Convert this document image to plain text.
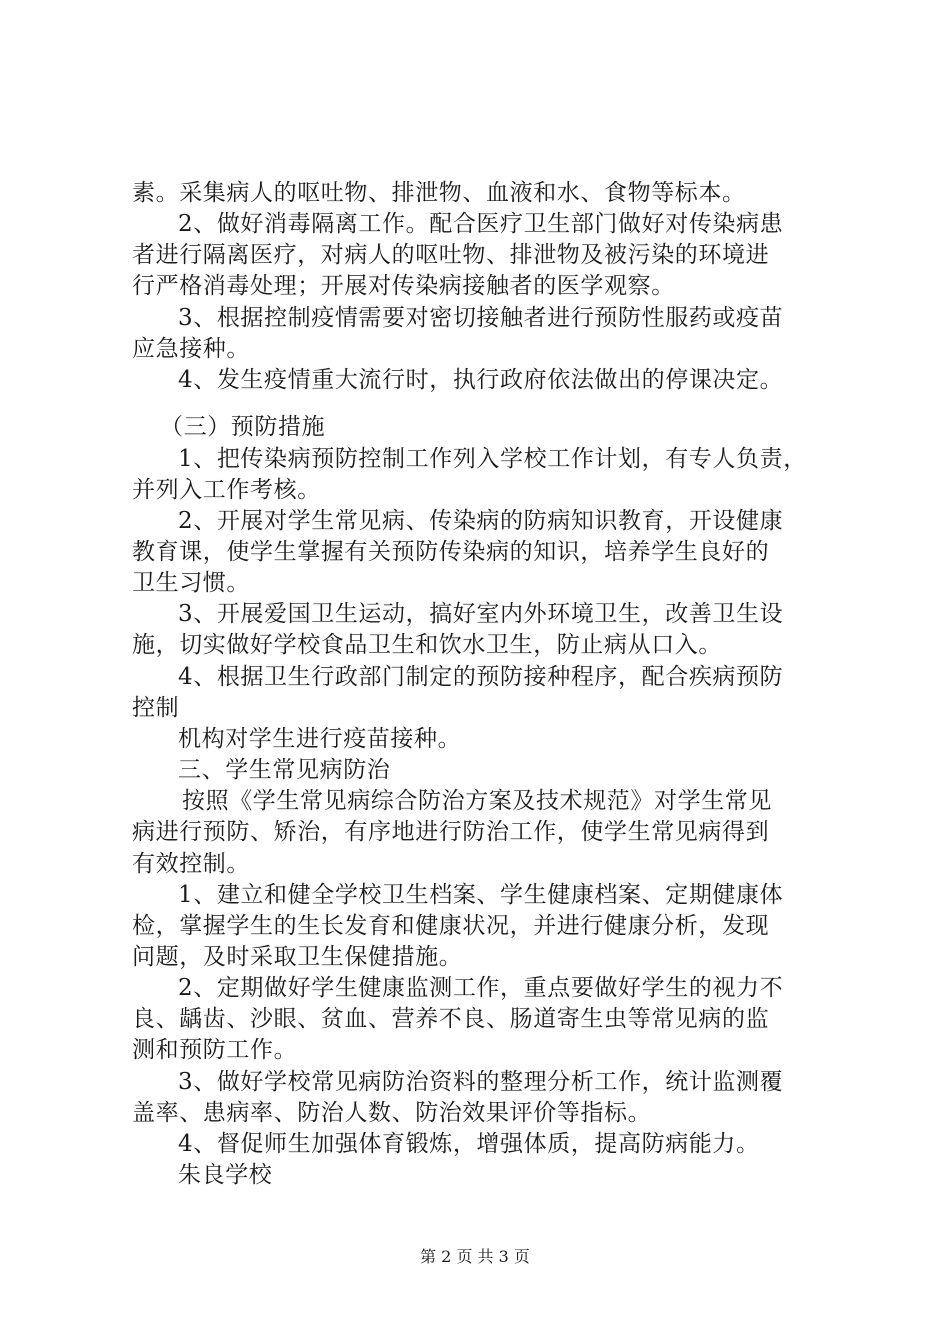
素。采集病人的呕吐物、排泄物、血液和水、食物等标本。
2、做好消毒隔离工作。配合医疗卫生部门做好对传染病患
者进行隔离医疗，对病人的呕吐物、排泄物及被污染的环境进
行严格消毒处理；开展对传染病接触者的医学观察。
3、根据控制疫情需要对密切接触者进行预防性服药或疫苗
应急接种。
4、发生疫情重大流行时，执行政府依法做出的停课决定。
（三）预防措施
1、把传染病预防控制工作列入学校工作计划，有专人负责，
并列入工作考核。
2、开展对学生常见病、传染病的防病知识教育，开设健康
教育课，使学生掌握有关预防传染病的知识，培养学生良好的
卫生习惯。
3、开展爱国卫生运动，搞好室内外环境卫生，改善卫生设
施，切实做好学校食品卫生和饮水卫生，防止病从口入。
4、根据卫生行政部门制定的预防接种程序，配合疾病预防
控制
机构对学生进行疫苗接种。
三、学生常见病防治
按照《学生常见病综合防治方案及技术规范》对学生常见
病进行预防、矫治，有序地进行防治工作，使学生常见病得到
有效控制。
1、建立和健全学校卫生档案、学生健康档案、定期健康体
检，掌握学生的生长发育和健康状况，并进行健康分析，发现
问题，及时采取卫生保健措施。
2、定期做好学生健康监测工作，重点要做好学生的视力不
良、龋齿、沙眼、贫血、营养不良、肠道寄生虫等常见病的监
测和预防工作。
3、做好学校常见病防治资料的整理分析工作，统计监测覆
盖率、患病率、防治人数、防治效果评价等指标。
4、督促师生加强体育锻炼，增强体质，提高防病能力。
朱良学校
第 2 页 共 3 页
